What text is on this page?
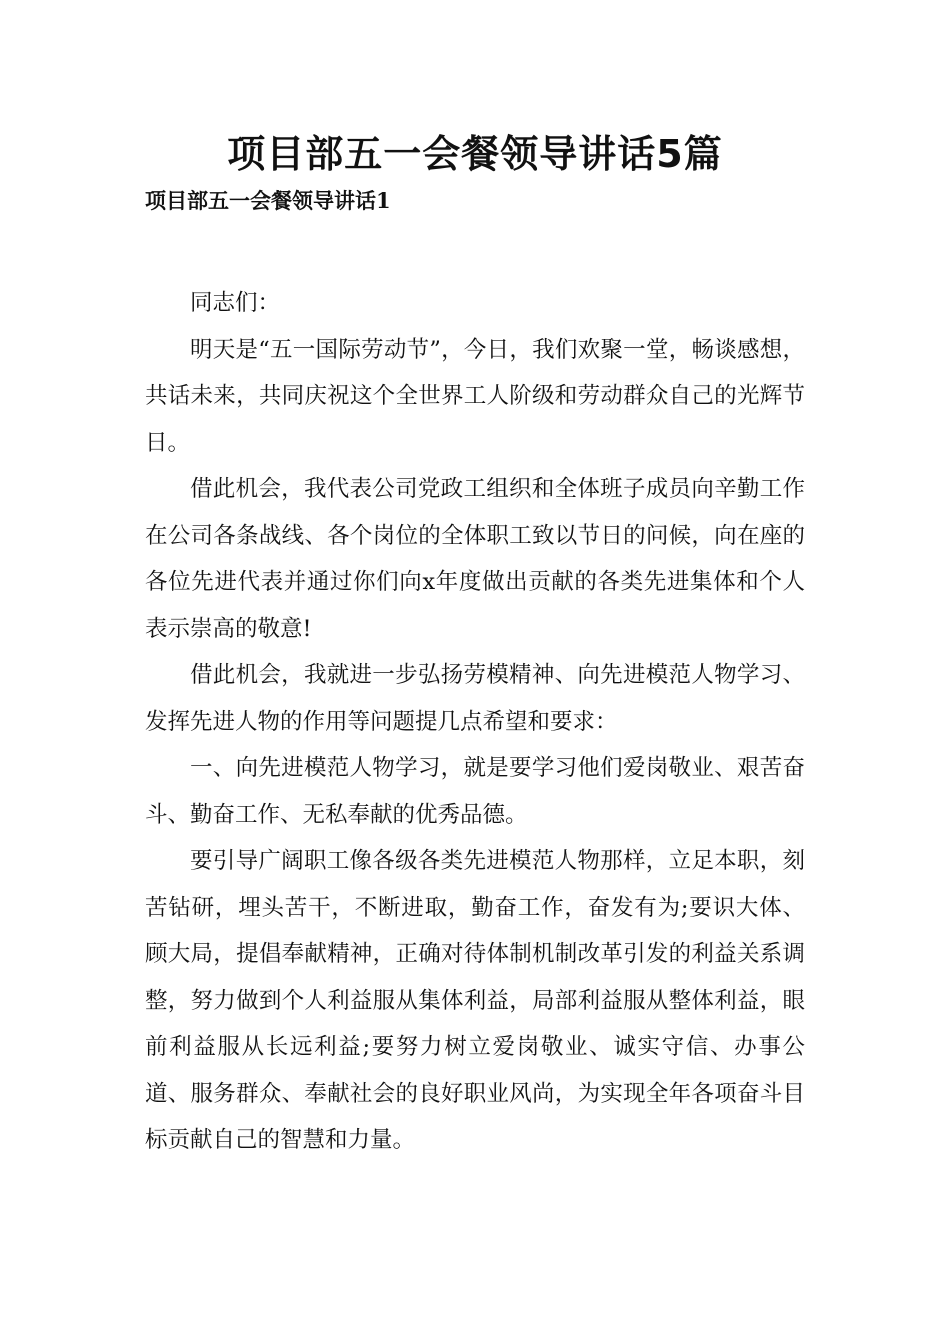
项目部五一会餐领导讲话5篇
项目部五一会餐领导讲话1

同志们：

明天是“五一国际劳动节”，今日，我们欢聚一堂，畅谈感想，共话未来，共同庆祝这个全世界工人阶级和劳动群众自己的光辉节日。

借此机会，我代表公司党政工组织和全体班子成员向辛勤工作在公司各条战线、各个岗位的全体职工致以节日的问候，向在座的各位先进代表并通过你们向x年度做出贡献的各类先进集体和个人表示崇高的敬意!

借此机会，我就进一步弘扬劳模精神、向先进模范人物学习、发挥先进人物的作用等问题提几点希望和要求：

一、向先进模范人物学习，就是要学习他们爱岗敬业、艰苦奋斗、勤奋工作、无私奉献的优秀品德。

要引导广阔职工像各级各类先进模范人物那样，立足本职，刻苦钻研，埋头苦干，不断进取，勤奋工作，奋发有为;要识大体、顾大局，提倡奉献精神，正确对待体制机制改革引发的利益关系调整，努力做到个人利益服从集体利益，局部利益服从整体利益，眼前利益服从长远利益;要努力树立爱岗敬业、诚实守信、办事公道、服务群众、奉献社会的良好职业风尚，为实现全年各项奋斗目标贡献自己的智慧和力量。
